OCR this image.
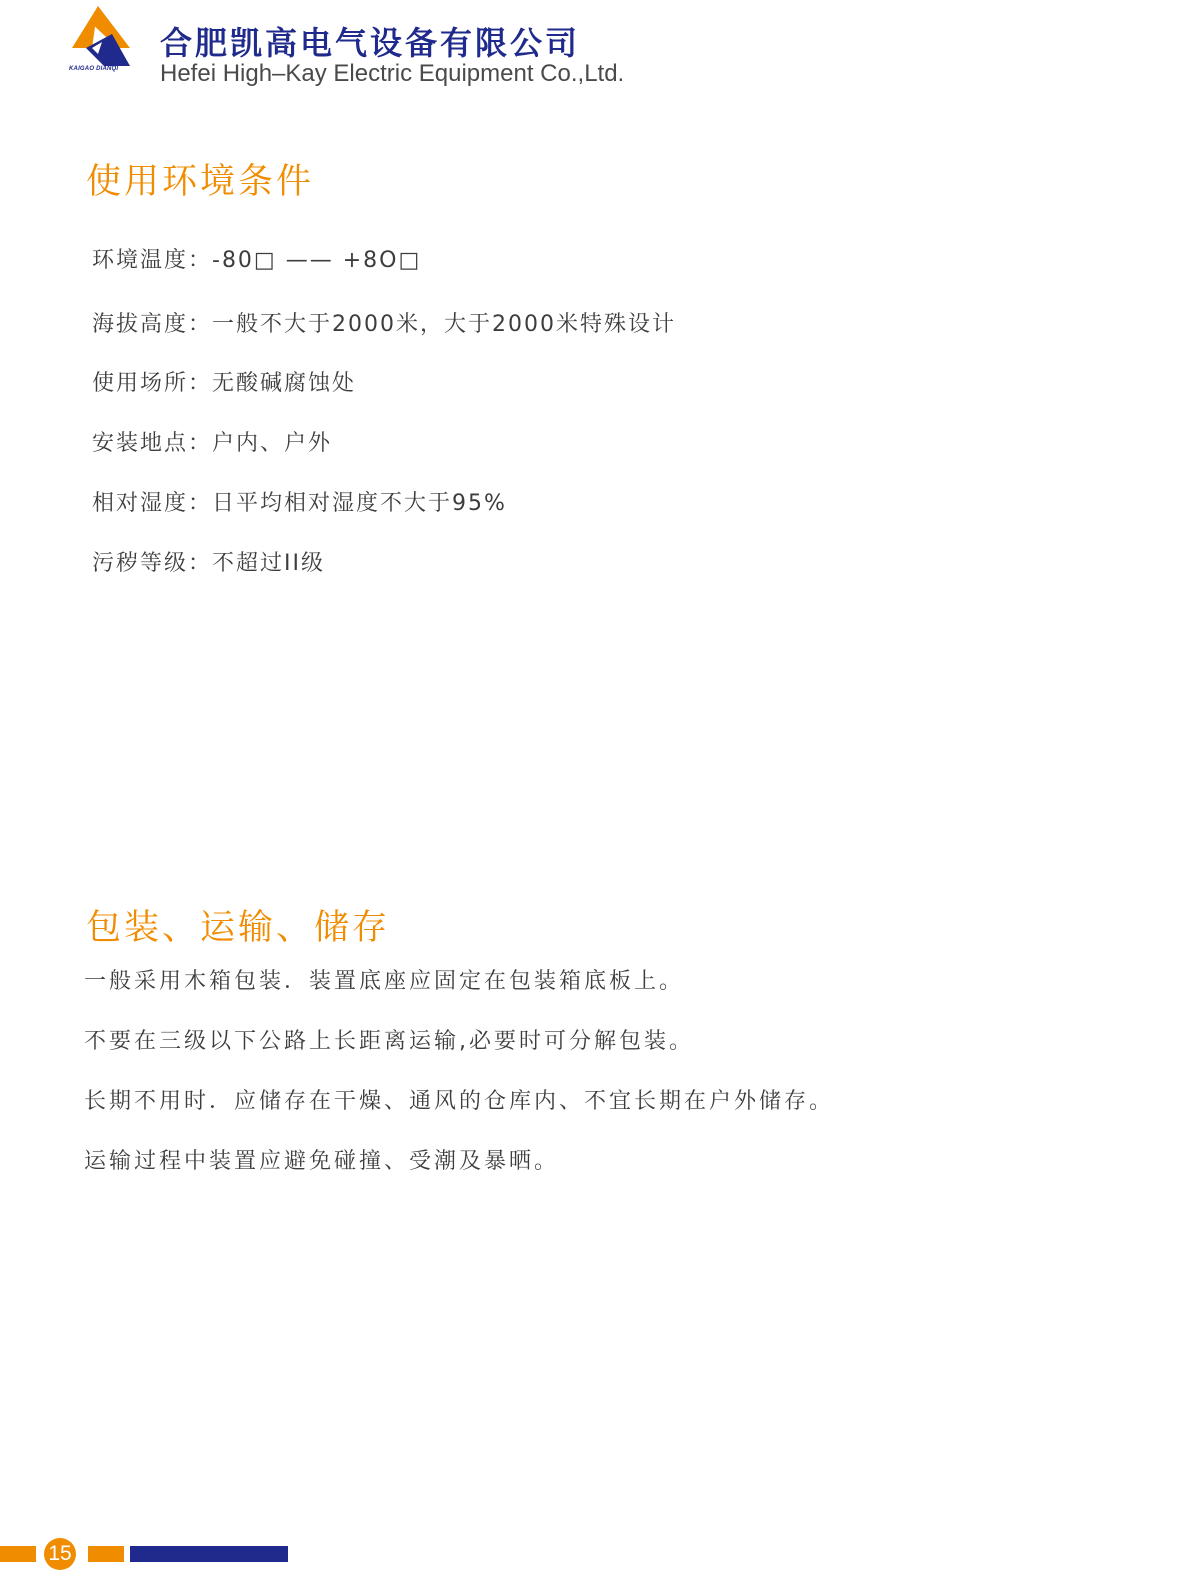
KAIGAO DIANQI
合肥凯高电气设备有限公司
Hefei High–Kay Electric Equipment Co.,Ltd.
使用环境条件
环境温度：-80□ —— +8O□
海拔高度：一般不大于2000米，大于2000米特殊设计
使用场所：无酸碱腐蚀处
安装地点：户内、户外
相对湿度：日平均相对湿度不大于95%
污秽等级：不超过II级
包装、运输、储存
一般采用木箱包装．装置底座应固定在包装箱底板上。
不要在三级以下公路上长距离运输,必要时可分解包装。
长期不用时．应储存在干燥、通风的仓库内、不宜长期在户外储存。
运输过程中装置应避免碰撞、受潮及暴晒。
15
